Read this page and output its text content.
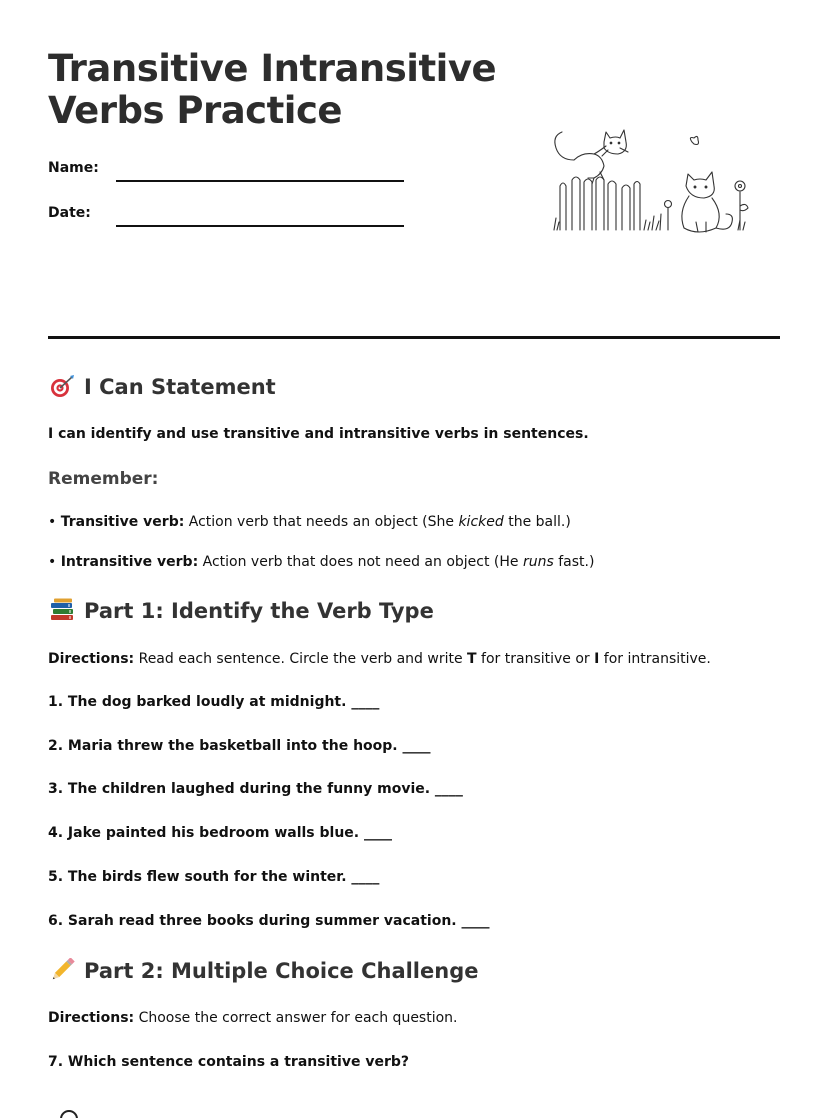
Transitive Intransitive
Verbs Practice
Name:
Date:
I Can Statement
I can identify and use transitive and intransitive verbs in sentences.
Remember:
• Transitive verb: Action verb that needs an object (She kicked the ball.)
• Intransitive verb: Action verb that does not need an object (He runs fast.)
Part 1: Identify the Verb Type
Directions: Read each sentence. Circle the verb and write T for transitive or I for intransitive.
1. The dog barked loudly at midnight. ____
2. Maria threw the basketball into the hoop. ____
3. The children laughed during the funny movie. ____
4. Jake painted his bedroom walls blue. ____
5. The birds flew south for the winter. ____
6. Sarah read three books during summer vacation. ____
Part 2: Multiple Choice Challenge
Directions: Choose the correct answer for each question.
7. Which sentence contains a transitive verb?
